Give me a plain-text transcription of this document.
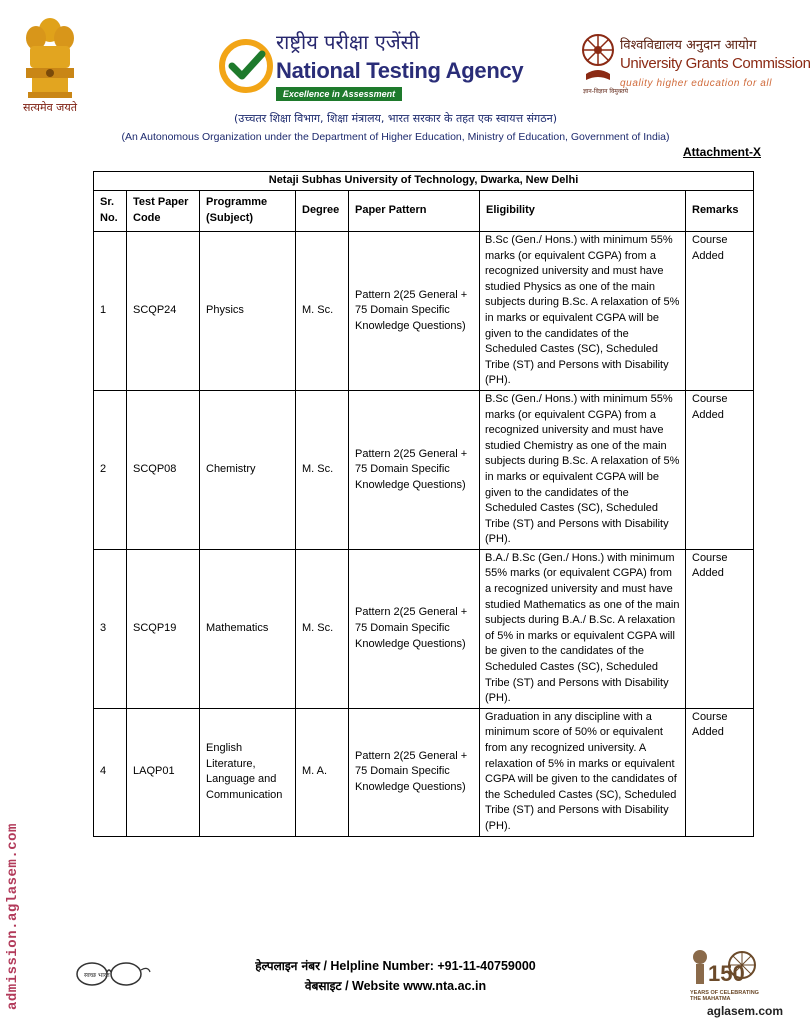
सत्यमेव जयते
राष्ट्रीय परीक्षा एजेंसी
National Testing Agency
Excellence in Assessment
विश्वविद्यालय अनुदान आयोग
University Grants Commission
quality higher education for all
ज्ञान-विज्ञान विमुक्तये
(उच्चतर शिक्षा विभाग, शिक्षा मंत्रालय, भारत सरकार के तहत एक स्वायत्त संगठन)
(An Autonomous Organization under the Department of Higher Education, Ministry of Education, Government of India)
Attachment-X
Netaji Subhas University of Technology, Dwarka, New Delhi						
Sr. No.	Test Paper Code	Programme (Subject)	Degree	Paper Pattern	Eligibility	Remarks
1	SCQP24	Physics	M. Sc.	Pattern 2(25 General + 75 Domain Specific Knowledge Questions)	B.Sc (Gen./ Hons.) with minimum 55% marks (or equivalent CGPA) from a recognized university and must have studied Physics as one of the main subjects during B.Sc. A relaxation of 5% in marks or equivalent CGPA will be given to the candidates of the Scheduled Castes (SC), Scheduled Tribe (ST) and Persons with Disability (PH).	Course Added
2	SCQP08	Chemistry	M. Sc.	Pattern 2(25 General + 75 Domain Specific Knowledge Questions)	B.Sc (Gen./ Hons.) with minimum 55% marks (or equivalent CGPA) from a recognized university and must have studied Chemistry as one of the main subjects during B.Sc. A relaxation of 5% in marks or equivalent CGPA will be given to the candidates of the Scheduled Castes (SC), Scheduled Tribe (ST) and Persons with Disability (PH).	Course Added
3	SCQP19	Mathematics	M. Sc.	Pattern 2(25 General + 75 Domain Specific Knowledge Questions)	B.A./ B.Sc (Gen./ Hons.) with minimum 55% marks (or equivalent CGPA) from a recognized university and must have studied Mathematics as one of the main subjects during B.A./ B.Sc. A relaxation of 5% in marks or equivalent CGPA will be given to the candidates of the Scheduled Castes (SC), Scheduled Tribe (ST) and Persons with Disability (PH).	Course Added
4	LAQP01	English Literature, Language and Communication	M. A.	Pattern 2(25 General + 75 Domain Specific Knowledge Questions)	Graduation in any discipline with a minimum score of 50% or equivalent from any recognized university. A relaxation of 5% in marks or equivalent CGPA will be given to the candidates of the Scheduled Castes (SC), Scheduled Tribe (ST) and Persons with Disability (PH).	Course Added
स्वच्छ भारत
हेल्पलाइन नंबर / Helpline Number: +91-11-40759000
वेबसाइट / Website www.nta.ac.in	150
YEARS OF CELEBRATING THE MAHATMA
admission.aglasem.com
aglasem.com
